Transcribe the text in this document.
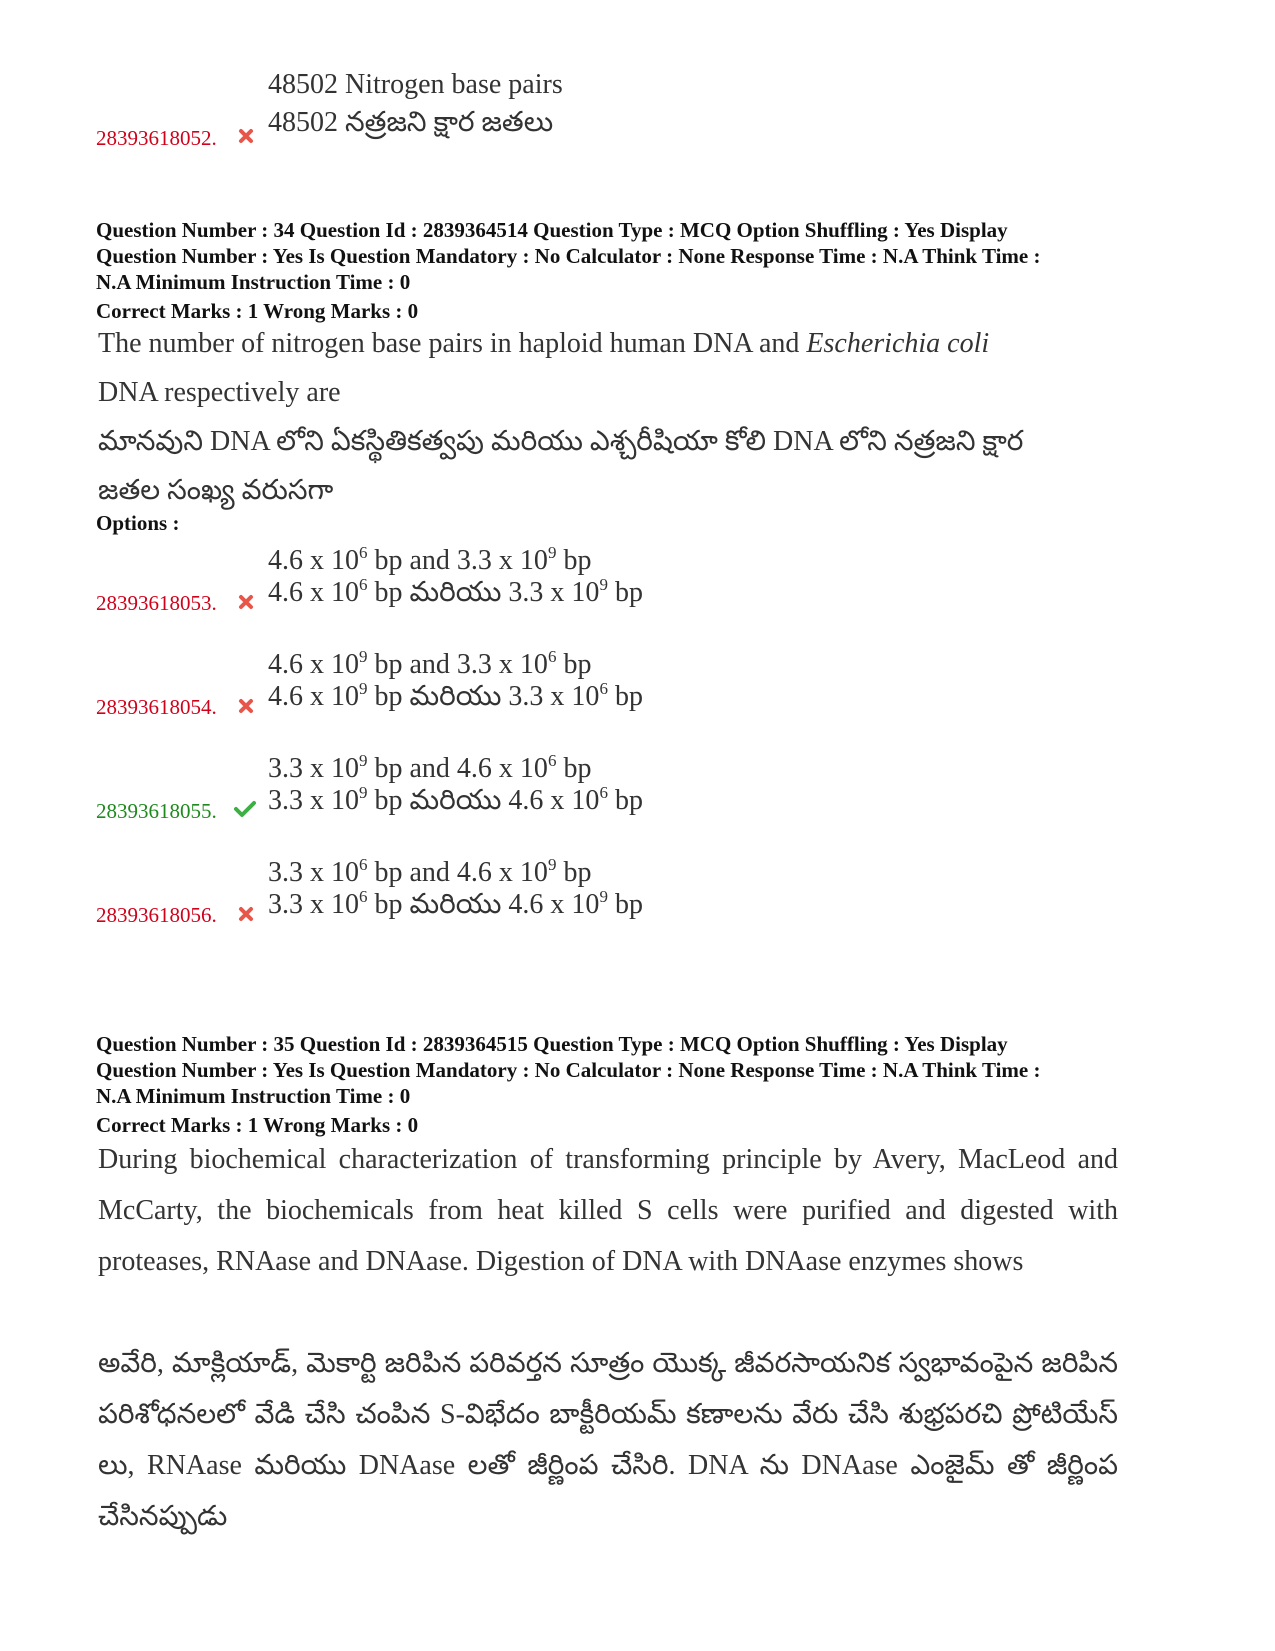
48502 Nitrogen base pairs
48502 నత్రజని క్షార జతలు
28393618052.
Question Number : 34 Question Id : 2839364514 Question Type : MCQ Option Shuffling : Yes Display
Question Number : Yes Is Question Mandatory : No Calculator : None Response Time : N.A Think Time :
N.A Minimum Instruction Time : 0
Correct Marks : 1 Wrong Marks : 0
The number of nitrogen base pairs in haploid human DNA and Escherichia coli
DNA respectively are
మానవుని DNA లోని ఏకస్థితికత్వపు మరియు ఎశ్చరీషియా కోలి DNA లోని నత్రజని క్షార
జతల సంఖ్య వరుసగా
Options :
4.6 x $10^6$ bp and 3.3 x $10^9$ bp
4.6 x $10^6$ bp మరియు 3.3 x $10^9$ bp
28393618053.
4.6 x $10^9$ bp and 3.3 x $10^6$ bp
4.6 x $10^9$ bp మరియు 3.3 x $10^6$ bp
28393618054.
3.3 x $10^9$ bp and 4.6 x $10^6$ bp
3.3 x $10^9$ bp మరియు 4.6 x $10^6$ bp
28393618055.
3.3 x $10^6$ bp and 4.6 x $10^9$ bp
3.3 x $10^6$ bp మరియు 4.6 x $10^9$ bp
28393618056.
Question Number : 35 Question Id : 2839364515 Question Type : MCQ Option Shuffling : Yes Display
Question Number : Yes Is Question Mandatory : No Calculator : None Response Time : N.A Think Time :
N.A Minimum Instruction Time : 0
Correct Marks : 1 Wrong Marks : 0
During biochemical characterization of transforming principle by Avery, MacLeod and McCarty, the biochemicals from heat killed S cells were purified and digested with proteases, RNAase and DNAase. Digestion of DNA with DNAase enzymes shows
అవేరి, మాక్లియాడ్, మెకార్టి జరిపిన పరివర్తన సూత్రం యొక్క జీవరసాయనిక స్వభావంపైన జరిపిన పరిశోధనలలో వేడి చేసి చంపిన S-విభేదం బాక్టీరియమ్ కణాలను వేరు చేసి శుభ్రపరచి ప్రోటియేస్ లు, RNAase మరియు DNAase లతో జీర్ణింప చేసిరి. DNA ను DNAase ఎంజైమ్ తో జీర్ణింప చేసినప్పుడు
